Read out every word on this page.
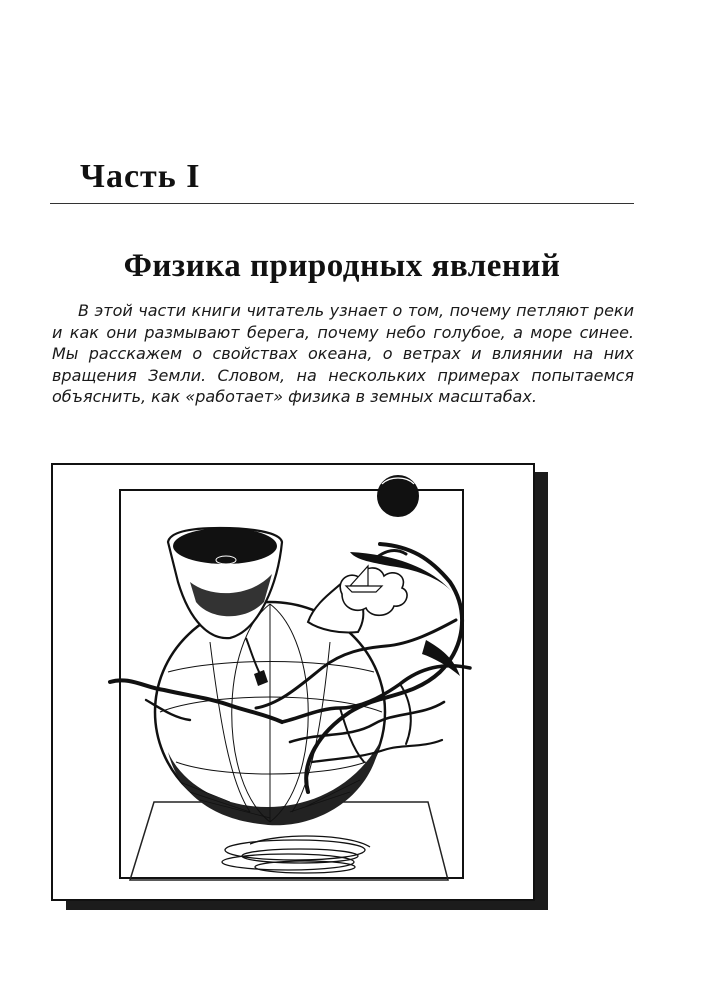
Часть I
Физика природных явлений
В этой части книги читатель узнает о том, почему петляют реки и как они размывают берега, почему небо голубое, а море синее. Мы расскажем о свойствах океана, о ветрах и влиянии на них вращения Земли. Словом, на нескольких примерах попытаемся объяснить, как «работает» физика в земных масштабах.
